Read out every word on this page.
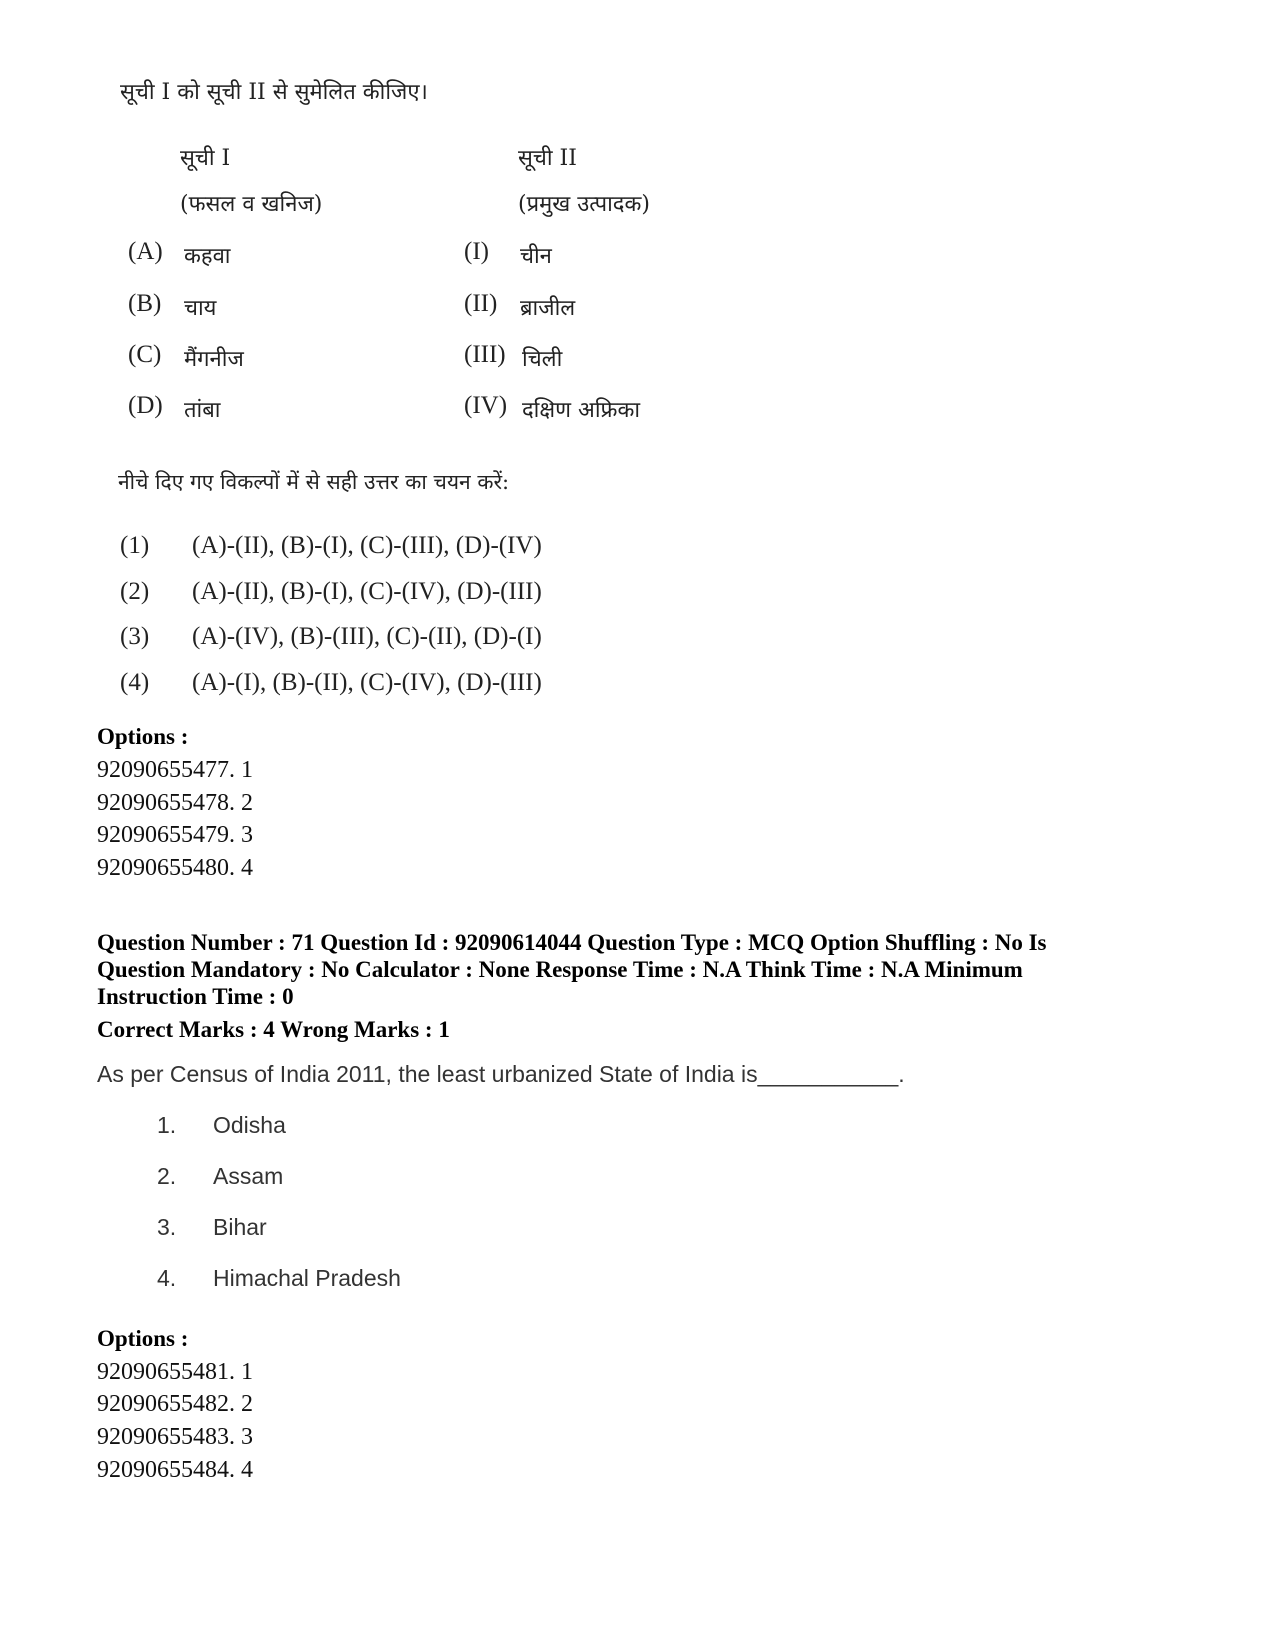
सूची I को सूची II से सुमेलित कीजिए।
सूची I
(फसल व खनिज)
सूची II
(प्रमुख उत्पादक)
(A) कहवा	(I) चीन
(B) चाय	(II) ब्राजील
(C) मैंगनीज	(III) चिली
(D) तांबा	(IV) दक्षिण अफ्रिका
नीचे दिए गए विकल्पों में से सही उत्तर का चयन करें:
(1) (A)-(II), (B)-(I), (C)-(III), (D)-(IV)
(2) (A)-(II), (B)-(I), (C)-(IV), (D)-(III)
(3) (A)-(IV), (B)-(III), (C)-(II), (D)-(I)
(4) (A)-(I), (B)-(II), (C)-(IV), (D)-(III)
Options :
92090655477. 1
92090655478. 2
92090655479. 3
92090655480. 4
Question Number : 71 Question Id : 92090614044 Question Type : MCQ Option Shuffling : No Is
Question Mandatory : No Calculator : None Response Time : N.A Think Time : N.A Minimum
Instruction Time : 0
Correct Marks : 4 Wrong Marks : 1
As per Census of India 2011, the least urbanized State of India is___________.
1. Odisha
2. Assam
3. Bihar
4. Himachal Pradesh
Options :
92090655481. 1
92090655482. 2
92090655483. 3
92090655484. 4
